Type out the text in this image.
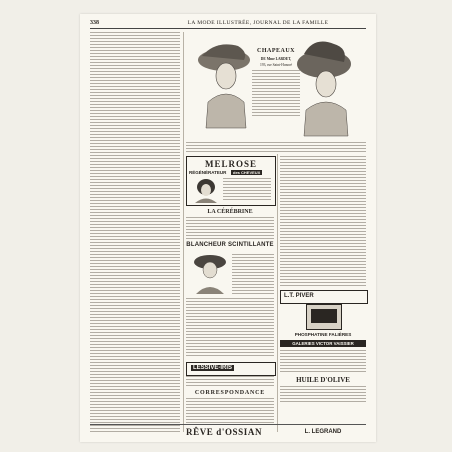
338	LA MODE ILLUSTRÉE, JOURNAL DE LA FAMILLE
CHAPEAUX
DE Mme LARDET,
193, rue Saint-Honoré
MELROSE
RÉGÉNÉRATEUR	des CHEVEUX
LA CÉRÉBRINE
BLANCHEUR SCINTILLANTE
LESSIVE-IRIS
CORRESPONDANCE
L.T. PIVER
PHOSPHATINE FALIÈRES
GALERIES VICTOR VAISSIER
HUILE D'OLIVE
RÊVE d'OSSIAN	L. LEGRAND
